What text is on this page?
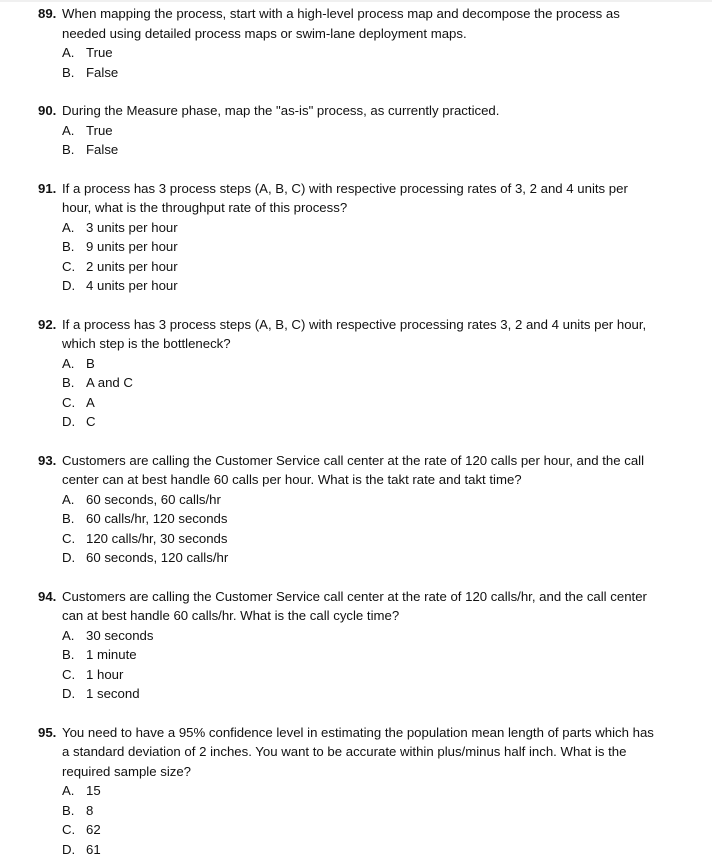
89. When mapping the process, start with a high-level process map and decompose the process as needed using detailed process maps or swim-lane deployment maps.
A. True
B. False
90. During the Measure phase, map the "as-is" process, as currently practiced.
A. True
B. False
91. If a process has 3 process steps (A, B, C) with respective processing rates of 3, 2 and 4 units per hour, what is the throughput rate of this process?
A. 3 units per hour
B. 9 units per hour
C. 2 units per hour
D. 4 units per hour
92. If a process has 3 process steps (A, B, C) with respective processing rates 3, 2 and 4 units per hour, which step is the bottleneck?
A. B
B. A and C
C. A
D. C
93. Customers are calling the Customer Service call center at the rate of 120 calls per hour, and the call center can at best handle 60 calls per hour. What is the takt rate and takt time?
A. 60 seconds, 60 calls/hr
B. 60 calls/hr, 120 seconds
C. 120 calls/hr, 30 seconds
D. 60 seconds, 120 calls/hr
94. Customers are calling the Customer Service call center at the rate of 120 calls/hr, and the call center can at best handle 60 calls/hr. What is the call cycle time?
A. 30 seconds
B. 1 minute
C. 1 hour
D. 1 second
95. You need to have a 95% confidence level in estimating the population mean length of parts which has a standard deviation of 2 inches. You want to be accurate within plus/minus half inch. What is the required sample size?
A. 15
B. 8
C. 62
D. 61
